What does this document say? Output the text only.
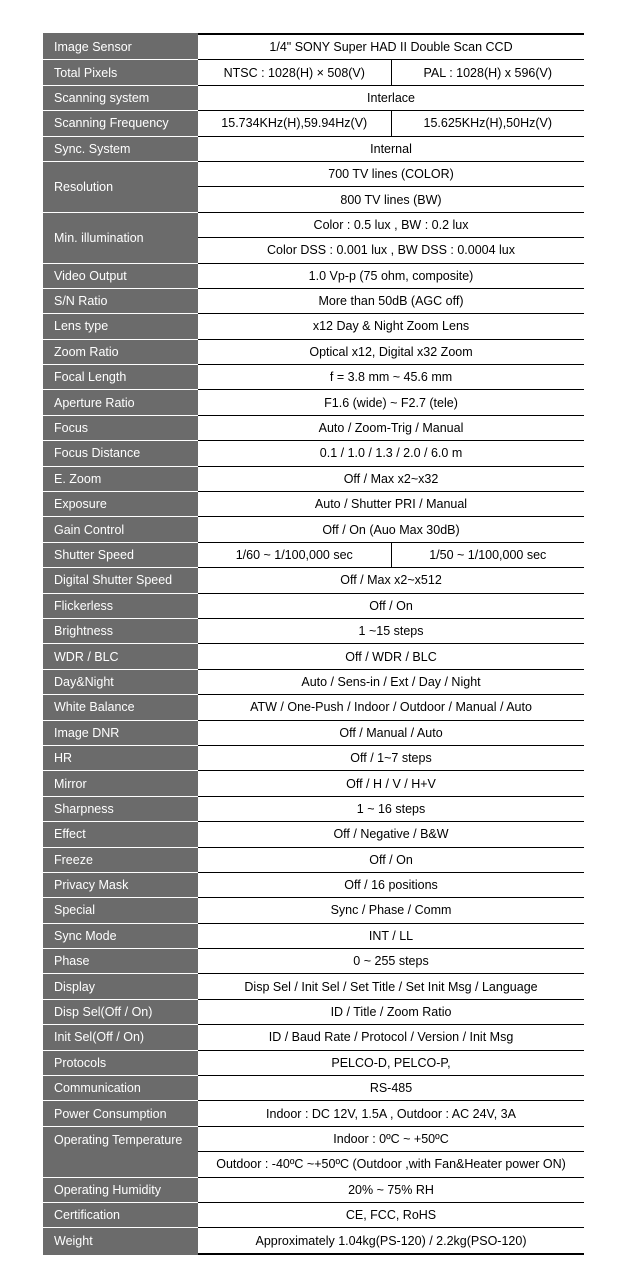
Image Sensor	1/4" SONY Super HAD II Double Scan CCD	
Total Pixels	NTSC : 1028(H) × 508(V)	PAL : 1028(H) x 596(V)
Scanning system	Interlace	
Scanning Frequency	15.734KHz(H),59.94Hz(V)	15.625KHz(H),50Hz(V)
Sync. System	Internal	
Resolution	700 TV lines (COLOR)	
	800 TV lines (BW)	
Min. illumination	Color : 0.5 lux , BW : 0.2 lux	
	Color DSS : 0.001 lux , BW DSS : 0.0004 lux	
Video Output	1.0 Vp-p (75 ohm, composite)	
S/N Ratio	More than 50dB (AGC off)	
Lens type	x12 Day & Night Zoom Lens	
Zoom Ratio	Optical x12, Digital x32 Zoom	
Focal Length	f = 3.8 mm ~ 45.6 mm	
Aperture Ratio	F1.6 (wide) ~ F2.7 (tele)	
Focus	Auto / Zoom-Trig / Manual	
Focus Distance	0.1 / 1.0 / 1.3 / 2.0 / 6.0 m	
E. Zoom	Off / Max x2~x32	
Exposure	Auto / Shutter PRI / Manual	
Gain Control	Off / On (Auo Max 30dB)	
Shutter Speed	1/60 ~ 1/100,000 sec	1/50 ~ 1/100,000 sec
Digital Shutter Speed	Off / Max x2~x512	
Flickerless	Off / On	
Brightness	1 ~15 steps	
WDR / BLC	Off / WDR / BLC	
Day&Night	Auto / Sens-in / Ext / Day / Night	
White Balance	ATW / One-Push / Indoor / Outdoor / Manual / Auto	
Image DNR	Off / Manual / Auto	
HR	Off / 1~7 steps	
Mirror	Off / H / V / H+V	
Sharpness	1 ~ 16 steps	
Effect	Off / Negative / B&W	
Freeze	Off / On	
Privacy Mask	Off / 16 positions	
Special	Sync / Phase / Comm	
Sync Mode	INT / LL	
Phase	0 ~ 255 steps	
Display	Disp Sel / Init Sel / Set Title / Set Init Msg / Language	
Disp Sel(Off / On)	ID / Title / Zoom Ratio	
Init Sel(Off / On)	ID / Baud Rate / Protocol / Version / Init Msg	
Protocols	PELCO-D, PELCO-P,	
Communication	RS-485	
Power Consumption	Indoor : DC 12V, 1.5A , Outdoor : AC 24V, 3A	
Operating Temperature	Indoor : 0ºC ~ +50ºC	
	Outdoor : -40ºC ~+50ºC (Outdoor ,with Fan&Heater power ON)	
Operating Humidity	20% ~ 75% RH	
Certification	CE, FCC, RoHS	
Weight	Approximately 1.04kg(PS-120) / 2.2kg(PSO-120)	
